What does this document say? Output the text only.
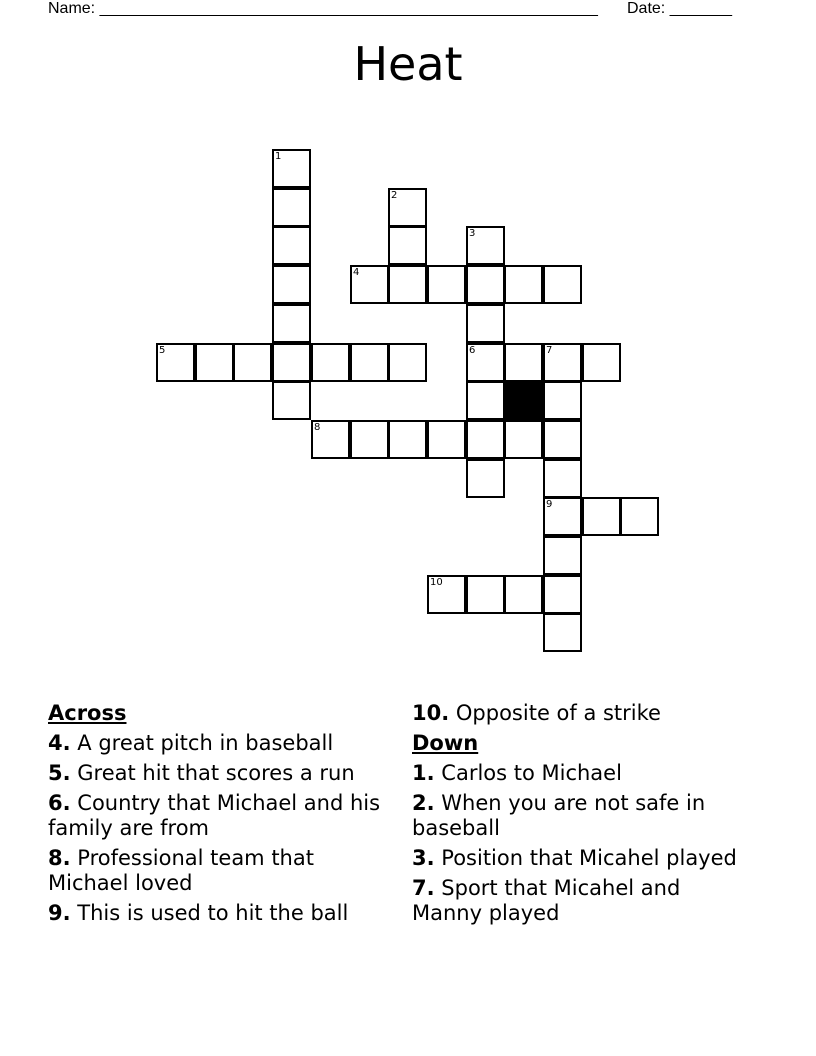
Name: ________________________________________________________ Date: _______
Heat
1
2
3
4
5	6	7
8
9
10
Across
4. A great pitch in baseball
5. Great hit that scores a run
6. Country that Michael and his family are from
8. Professional team that Michael loved
9. This is used to hit the ball
10. Opposite of a strike
Down
1. Carlos to Michael
2. When you are not safe in baseball
3. Position that Micahel played
7. Sport that Micahel and Manny played
